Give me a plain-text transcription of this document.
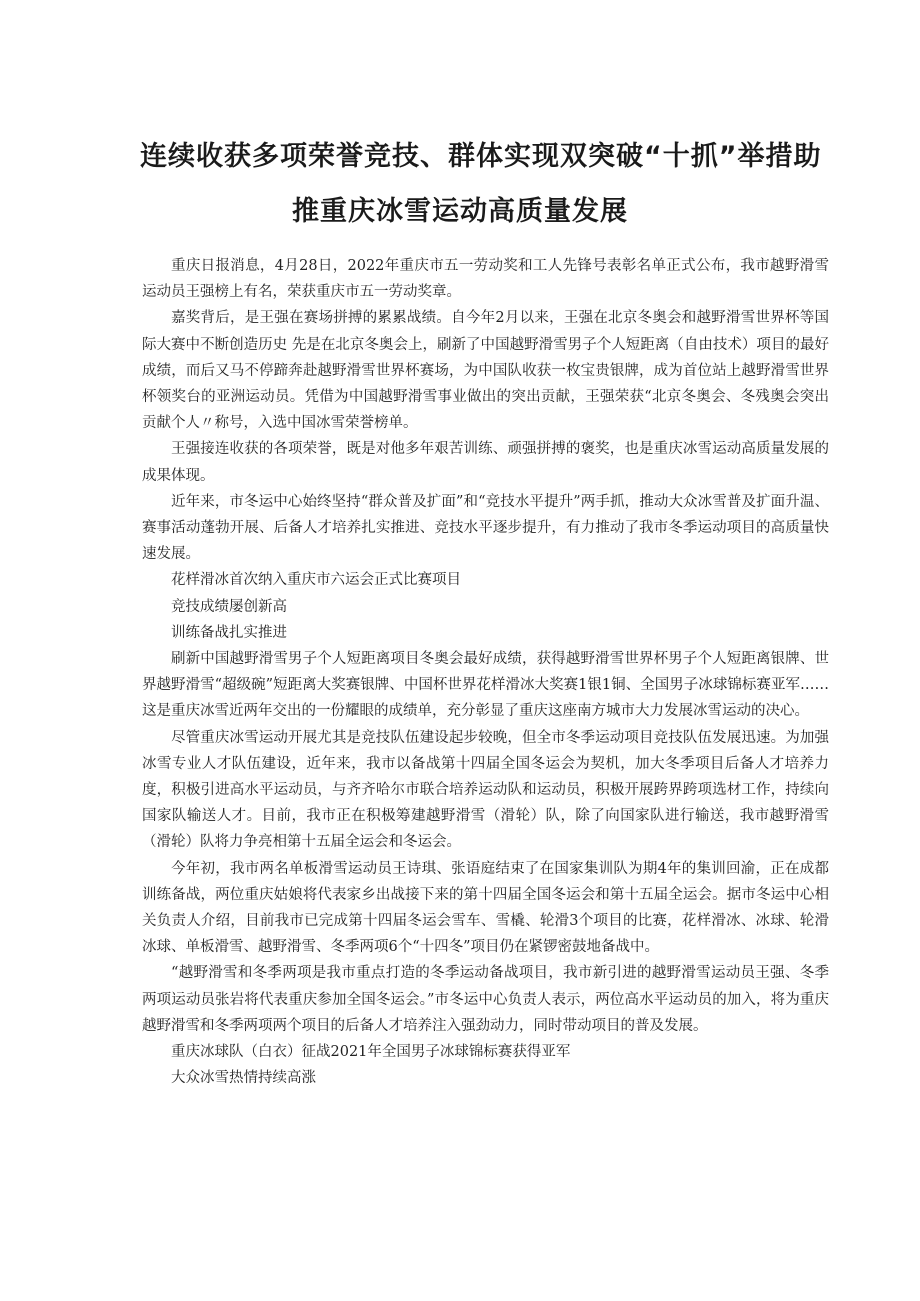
连续收获多项荣誉竞技、群体实现双突破“十抓”举措助
推重庆冰雪运动高质量发展

重庆日报消息，4月28日，2022年重庆市五一劳动奖和工人先锋号表彰名单正式公布，我市越野滑雪运动员王强榜上有名，荣获重庆市五一劳动奖章。

嘉奖背后，是王强在赛场拼搏的累累战绩。自今年2月以来，王强在北京冬奥会和越野滑雪世界杯等国际大赛中不断创造历史 先是在北京冬奥会上，刷新了中国越野滑雪男子个人短距离（自由技术）项目的最好成绩，而后又马不停蹄奔赴越野滑雪世界杯赛场，为中国队收获一枚宝贵银牌，成为首位站上越野滑雪世界杯领奖台的亚洲运动员。凭借为中国越野滑雪事业做出的突出贡献，王强荣获“北京冬奥会、冬残奥会突出贡献个人〃称号，入选中国冰雪荣誉榜单。

王强接连收获的各项荣誉，既是对他多年艰苦训练、顽强拼搏的褒奖，也是重庆冰雪运动高质量发展的成果体现。

近年来，市冬运中心始终坚持“群众普及扩面”和“竞技水平提升”两手抓，推动大众冰雪普及扩面升温、赛事活动蓬勃开展、后备人才培养扎实推进、竞技水平逐步提升，有力推动了我市冬季运动项目的高质量快速发展。

花样滑冰首次纳入重庆市六运会正式比赛项目

竞技成绩屡创新高

训练备战扎实推进

刷新中国越野滑雪男子个人短距离项目冬奥会最好成绩，获得越野滑雪世界杯男子个人短距离银牌、世界越野滑雪“超级碗”短距离大奖赛银牌、中国杯世界花样滑冰大奖赛1银1铜、全国男子冰球锦标赛亚军……这是重庆冰雪近两年交出的一份耀眼的成绩单，充分彰显了重庆这座南方城市大力发展冰雪运动的决心。

尽管重庆冰雪运动开展尤其是竞技队伍建设起步较晚，但全市冬季运动项目竞技队伍发展迅速。为加强冰雪专业人才队伍建设，近年来，我市以备战第十四届全国冬运会为契机，加大冬季项目后备人才培养力度，积极引进高水平运动员，与齐齐哈尔市联合培养运动队和运动员，积极开展跨界跨项选材工作，持续向国家队输送人才。目前，我市正在积极筹建越野滑雪（滑轮）队，除了向国家队进行输送，我市越野滑雪（滑轮）队将力争亮相第十五届全运会和冬运会。

今年初，我市两名单板滑雪运动员王诗琪、张语庭结束了在国家集训队为期4年的集训回渝，正在成都训练备战，两位重庆姑娘将代表家乡出战接下来的第十四届全国冬运会和第十五届全运会。据市冬运中心相关负责人介绍，目前我市已完成第十四届冬运会雪车、雪橇、轮滑3个项目的比赛，花样滑冰、冰球、轮滑冰球、单板滑雪、越野滑雪、冬季两项6个“十四冬”项目仍在紧锣密鼓地备战中。

“越野滑雪和冬季两项是我市重点打造的冬季运动备战项目，我市新引进的越野滑雪运动员王强、冬季两项运动员张岩将代表重庆参加全国冬运会。”市冬运中心负责人表示，两位高水平运动员的加入，将为重庆越野滑雪和冬季两项两个项目的后备人才培养注入强劲动力，同时带动项目的普及发展。

重庆冰球队（白衣）征战2021年全国男子冰球锦标赛获得亚军

大众冰雪热情持续高涨
